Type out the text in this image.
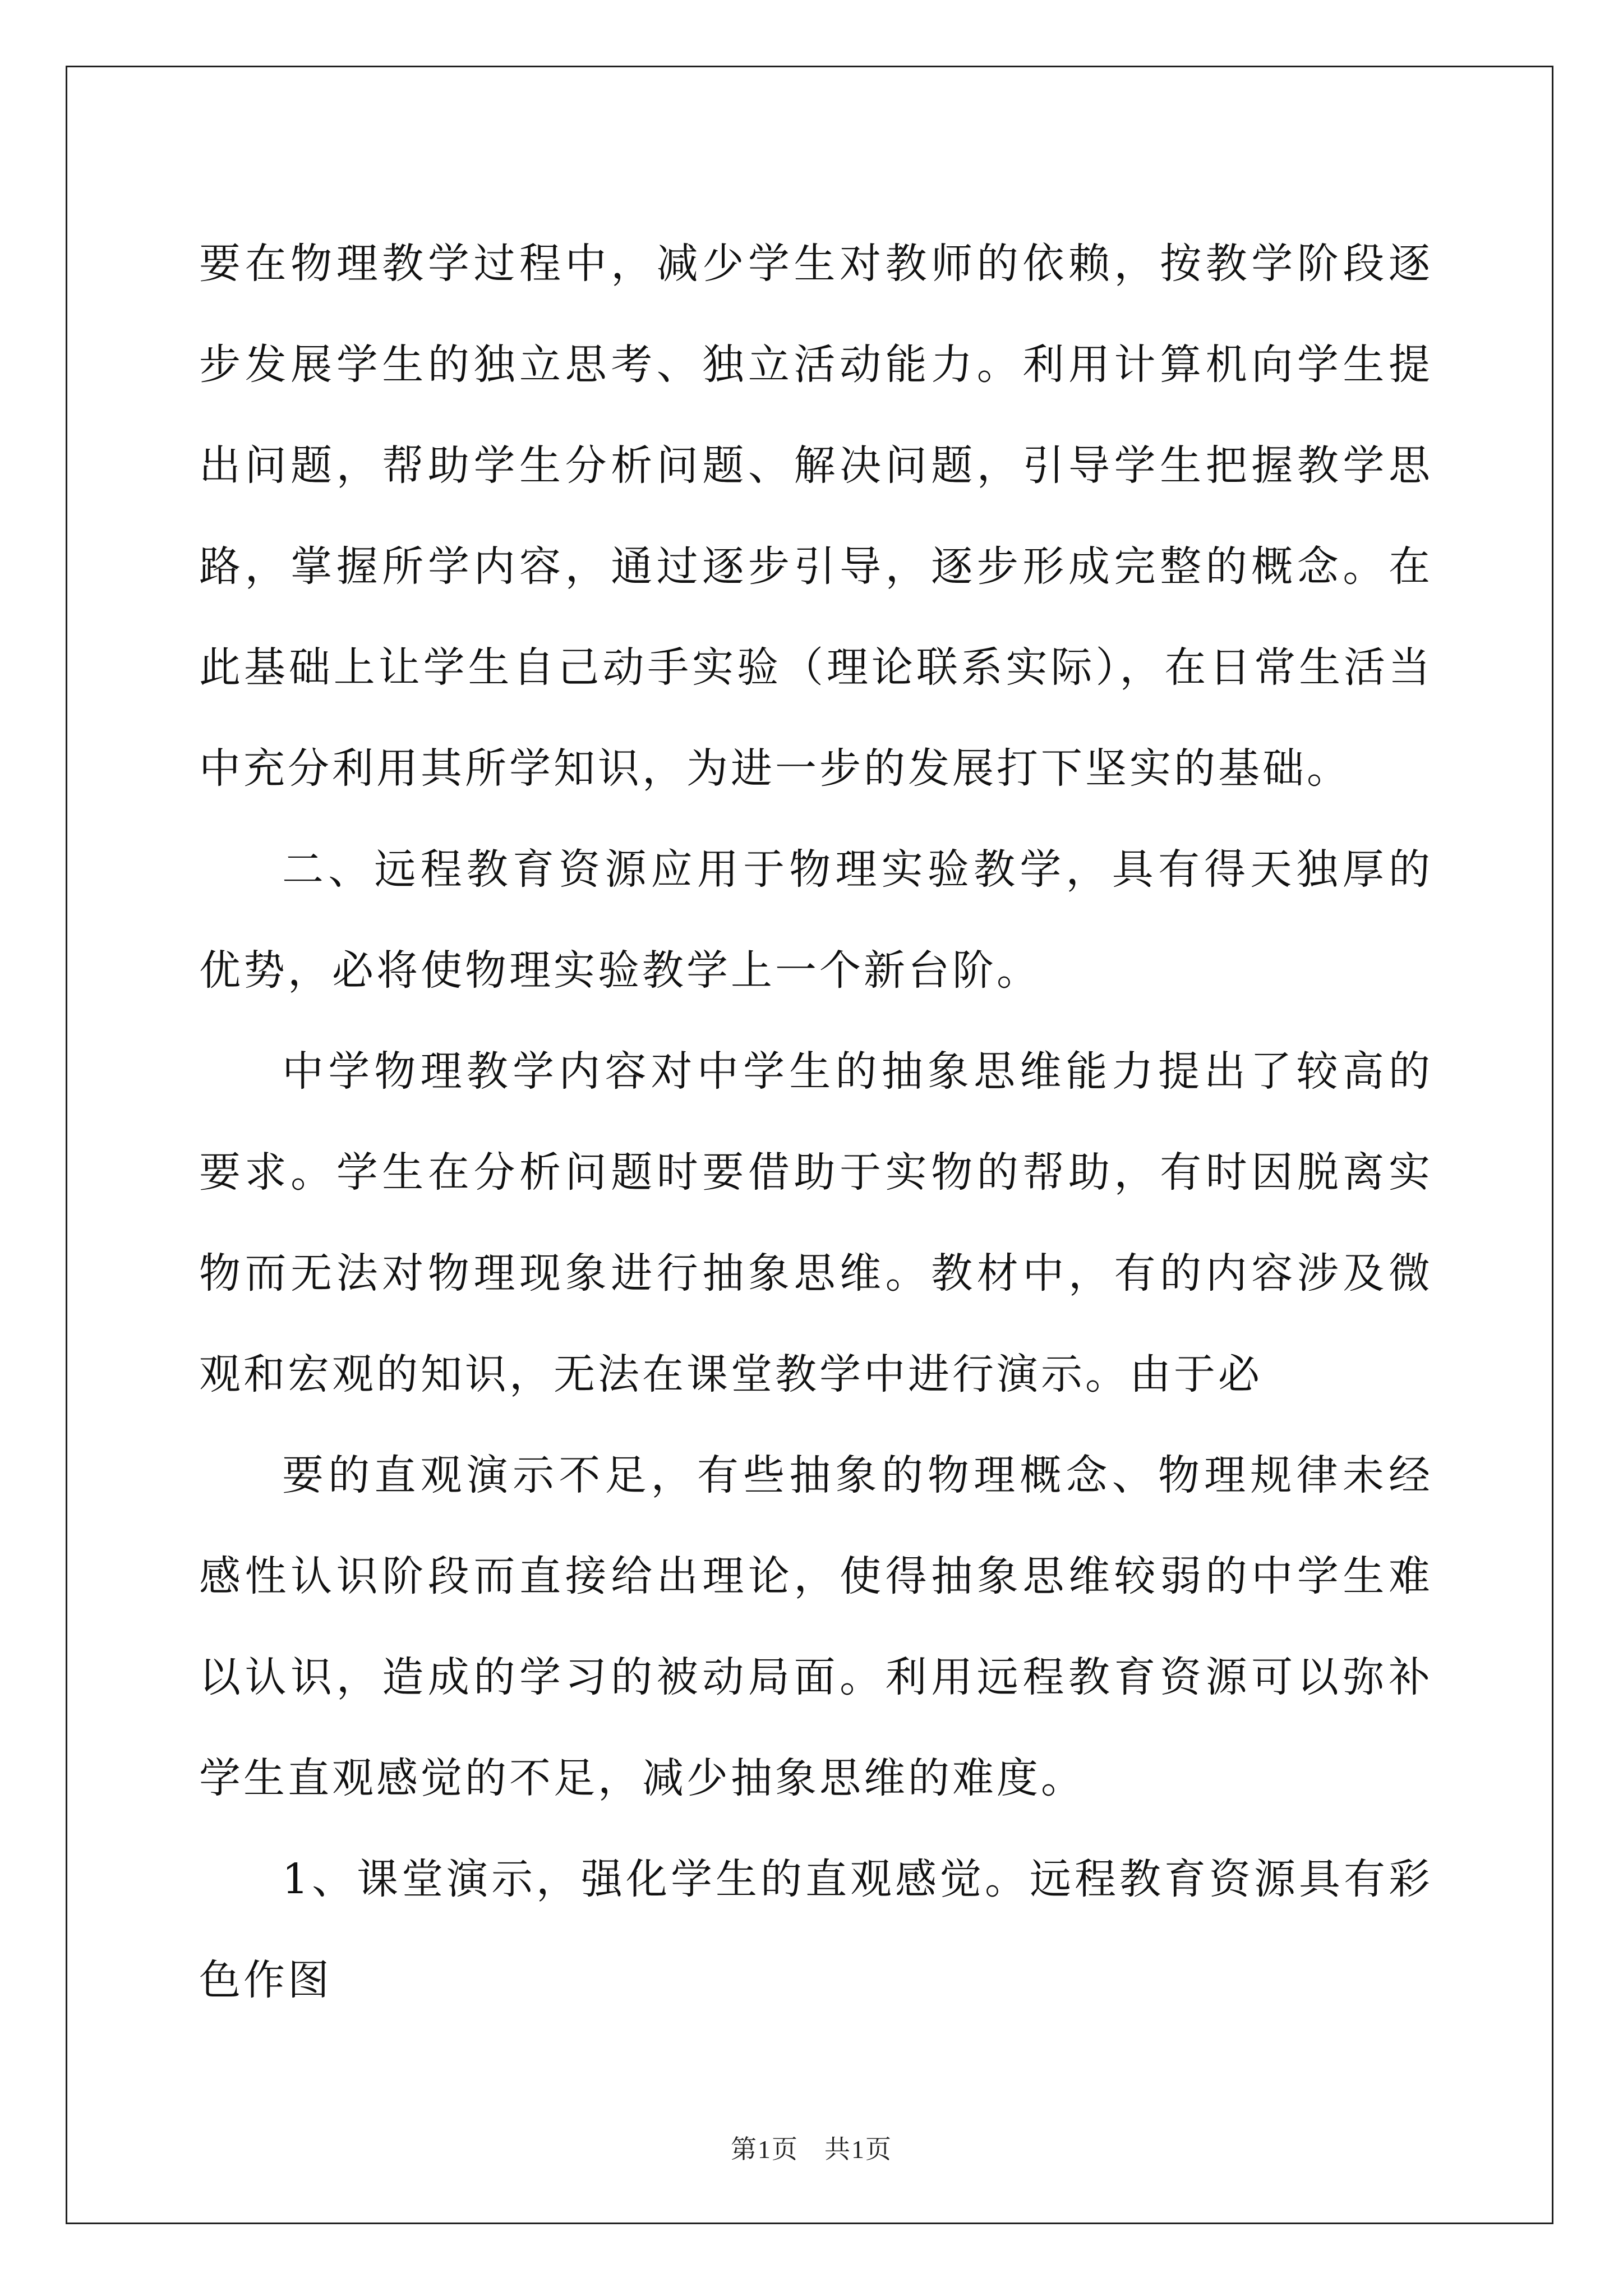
要在物理教学过程中，减少学生对教师的依赖，按教学阶段逐步发展学生的独立思考、独立活动能力。利用计算机向学生提出问题，帮助学生分析问题、解决问题，引导学生把握教学思路，掌握所学内容，通过逐步引导，逐步形成完整的概念。在此基础上让学生自己动手实验（理论联系实际），在日常生活当中充分利用其所学知识，为进一步的发展打下坚实的基础。

二、远程教育资源应用于物理实验教学，具有得天独厚的优势，必将使物理实验教学上一个新台阶。

中学物理教学内容对中学生的抽象思维能力提出了较高的要求。学生在分析问题时要借助于实物的帮助，有时因脱离实物而无法对物理现象进行抽象思维。教材中，有的内容涉及微观和宏观的知识，无法在课堂教学中进行演示。由于必

要的直观演示不足，有些抽象的物理概念、物理规律未经感性认识阶段而直接给出理论，使得抽象思维较弱的中学生难以认识，造成的学习的被动局面。利用远程教育资源可以弥补学生直观感觉的不足，减少抽象思维的难度。

1、课堂演示，强化学生的直观感觉。远程教育资源具有彩色作图

第1页 共1页
